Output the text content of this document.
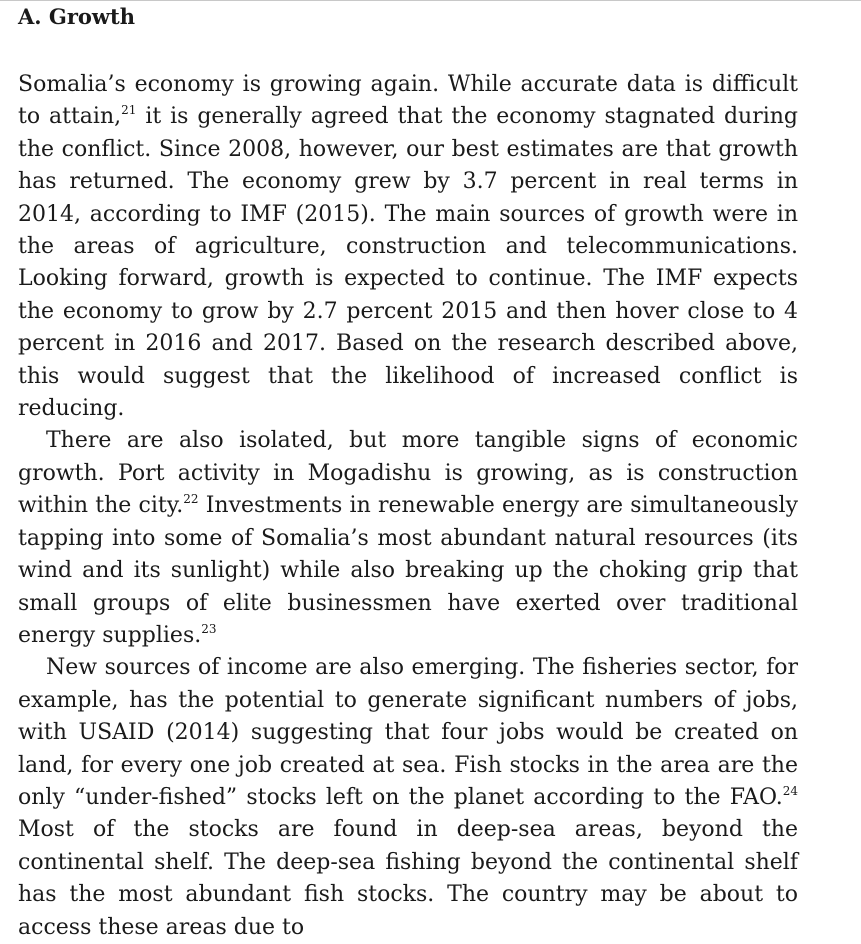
A. Growth

Somalia’s economy is growing again. While accurate data is difficult to attain,$^{21}$ it is generally agreed that the economy stagnated during the conflict. Since 2008, however, our best estimates are that growth has returned. The economy grew by 3.7 percent in real terms in 2014, according to IMF (2015). The main sources of growth were in the areas of agriculture, construction and telecommunications. Looking forward, growth is expected to continue. The IMF expects the economy to grow by 2.7 percent 2015 and then hover close to 4 percent in 2016 and 2017. Based on the research described above, this would suggest that the likelihood of increased conflict is reducing.

There are also isolated, but more tangible signs of economic growth. Port activity in Mogadishu is growing, as is construction within the city.$^{22}$ Investments in renewable energy are simultaneously tapping into some of Somalia’s most abundant natural resources (its wind and its sunlight) while also breaking up the choking grip that small groups of elite businessmen have exerted over traditional energy supplies.$^{23}$

New sources of income are also emerging. The fisheries sector, for example, has the potential to generate significant numbers of jobs, with USAID (2014) suggesting that four jobs would be created on land, for every one job created at sea. Fish stocks in the area are the only “under-fished” stocks left on the planet according to the FAO.$^{24}$ Most of the stocks are found in deep-sea areas, beyond the continental shelf. The deep-sea fishing beyond the continental shelf has the most abundant fish stocks. The country may be about to access these areas due to
